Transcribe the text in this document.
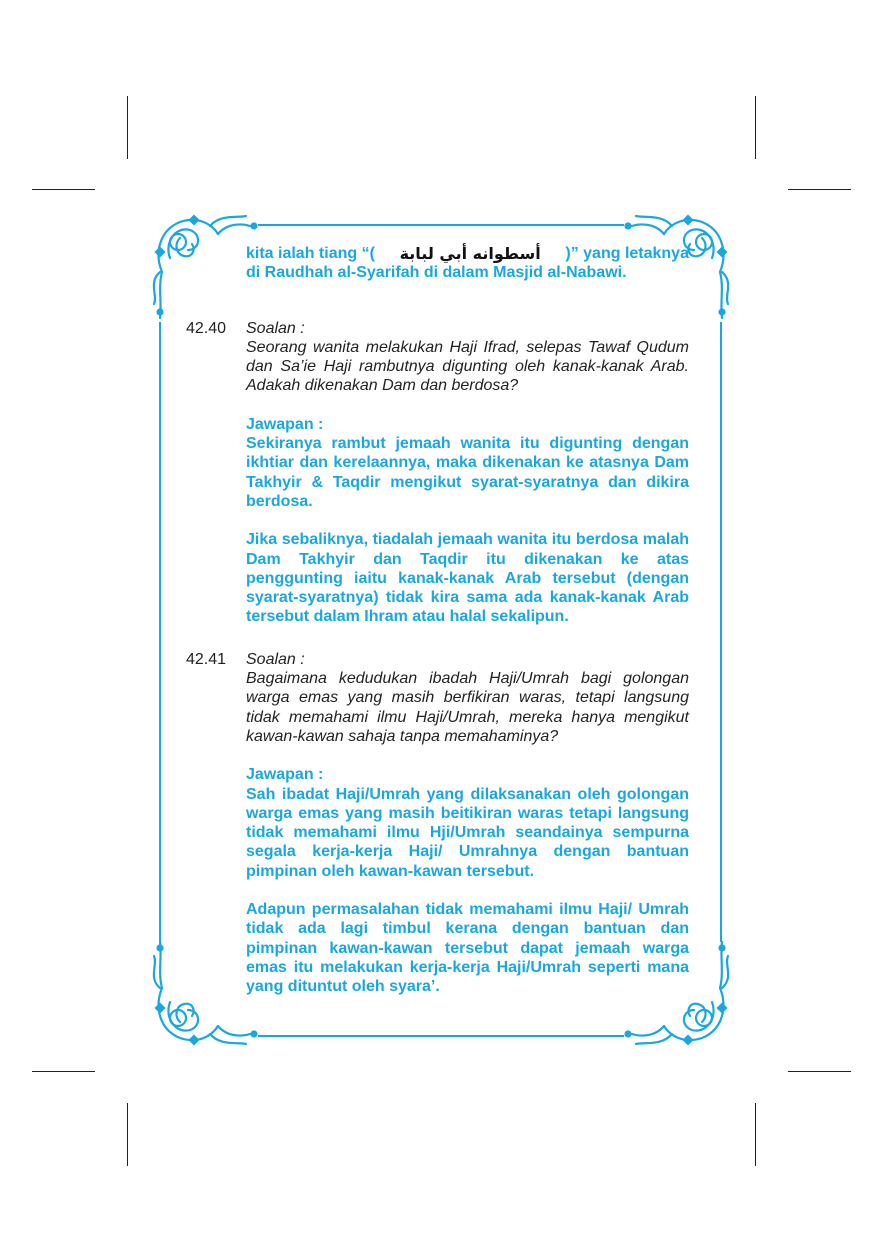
kita ialah tiang “( أسطوانه أبي لبابة )” yang letaknya
di Raudhah al-Syarifah di dalam Masjid al-Nabawi.
42.40 Soalan :
Seorang wanita melakukan Haji Ifrad, selepas Tawaf Qudum dan Sa’ie Haji rambutnya digunting oleh kanak-kanak Arab. Adakah dikenakan Dam dan berdosa?
Jawapan :
Sekiranya rambut jemaah wanita itu digunting dengan ikhtiar dan kerelaannya, maka dikenakan ke atasnya Dam Takhyir & Taqdir mengikut syarat-syaratnya dan dikira berdosa.
Jika sebaliknya, tiadalah jemaah wanita itu berdosa malah Dam Takhyir dan Taqdir itu dikenakan ke atas penggunting iaitu kanak-kanak Arab tersebut (dengan syarat-syaratnya) tidak kira sama ada kanak-kanak Arab tersebut dalam Ihram atau halal sekalipun.
42.41 Soalan :
Bagaimana kedudukan ibadah Haji/Umrah bagi golongan warga emas yang masih berfikiran waras, tetapi langsung tidak memahami ilmu Haji/Umrah, mereka hanya mengikut kawan-kawan sahaja tanpa memahaminya?
Jawapan :
Sah ibadat Haji/Umrah yang dilaksanakan oleh golongan warga emas yang masih beitikiran waras tetapi langsung tidak memahami ilmu Hji/Umrah seandainya sempurna segala kerja-kerja Haji/ Umrahnya dengan bantuan pimpinan oleh kawan-kawan tersebut.
Adapun permasalahan tidak memahami ilmu Haji/ Umrah tidak ada lagi timbul kerana dengan bantuan dan pimpinan kawan-kawan tersebut dapat jemaah warga emas itu melakukan kerja-kerja Haji/Umrah seperti mana yang dituntut oleh syara’.
